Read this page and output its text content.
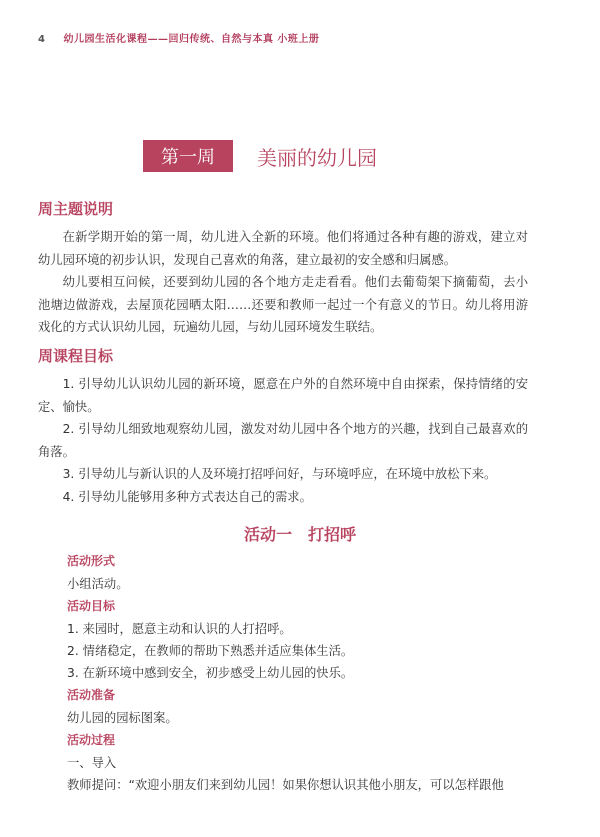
4 幼儿园生活化课程——回归传统、自然与本真 小班上册
第一周	美丽的幼儿园
周主题说明

在新学期开始的第一周，幼儿进入全新的环境。他们将通过各种有趣的游戏，建立对幼儿园环境的初步认识，发现自己喜欢的角落，建立最初的安全感和归属感。

幼儿要相互问候，还要到幼儿园的各个地方走走看看。他们去葡萄架下摘葡萄，去小池塘边做游戏，去屋顶花园晒太阳……还要和教师一起过一个有意义的节日。幼儿将用游戏化的方式认识幼儿园，玩遍幼儿园，与幼儿园环境发生联结。

周课程目标

1. 引导幼儿认识幼儿园的新环境，愿意在户外的自然环境中自由探索，保持情绪的安定、愉快。

2. 引导幼儿细致地观察幼儿园，激发对幼儿园中各个地方的兴趣，找到自己最喜欢的角落。

3. 引导幼儿与新认识的人及环境打招呼问好，与环境呼应，在环境中放松下来。

4. 引导幼儿能够用多种方式表达自己的需求。

活动一　打招呼
活动形式
小组活动。
活动目标
1. 来园时，愿意主动和认识的人打招呼。
2. 情绪稳定，在教师的帮助下熟悉并适应集体生活。
3. 在新环境中感到安全，初步感受上幼儿园的快乐。
活动准备
幼儿园的园标图案。
活动过程
一、导入
教师提问：“欢迎小朋友们来到幼儿园！如果你想认识其他小朋友，可以怎样跟他
